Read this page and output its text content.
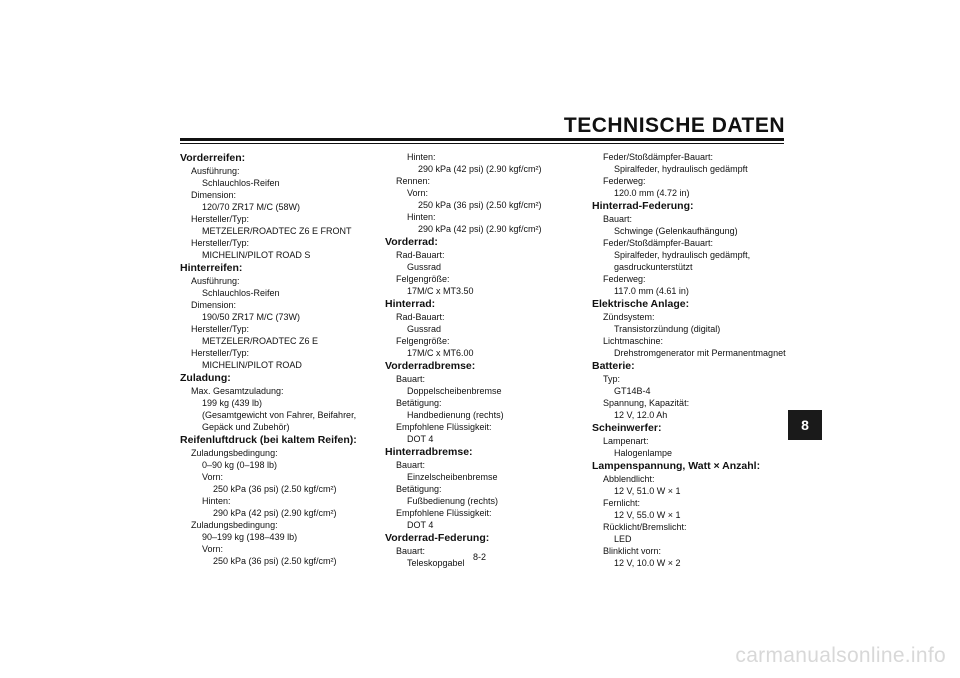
TECHNISCHE DATEN
Vorderreifen:
Ausführung:
Schlauchlos-Reifen
Dimension:
120/70 ZR17 M/C (58W)
Hersteller/Typ:
METZELER/ROADTEC Z6 E FRONT
Hersteller/Typ:
MICHELIN/PILOT ROAD S
Hinterreifen:
Ausführung:
Schlauchlos-Reifen
Dimension:
190/50 ZR17 M/C (73W)
Hersteller/Typ:
METZELER/ROADTEC Z6 E
Hersteller/Typ:
MICHELIN/PILOT ROAD
Zuladung:
Max. Gesamtzuladung:
199 kg (439 lb)
(Gesamtgewicht von Fahrer, Beifahrer,
Gepäck und Zubehör)
Reifenluftdruck (bei kaltem Reifen):
Zuladungsbedingung:
0–90 kg (0–198 lb)
Vorn:
250 kPa (36 psi) (2.50 kgf/cm²)
Hinten:
290 kPa (42 psi) (2.90 kgf/cm²)
Zuladungsbedingung:
90–199 kg (198–439 lb)
Vorn:
250 kPa (36 psi) (2.50 kgf/cm²)
Hinten:
290 kPa (42 psi) (2.90 kgf/cm²)
Rennen:
Vorn:
250 kPa (36 psi) (2.50 kgf/cm²)
Hinten:
290 kPa (42 psi) (2.90 kgf/cm²)
Vorderrad:
Rad-Bauart:
Gussrad
Felgengröße:
17M/C x MT3.50
Hinterrad:
Rad-Bauart:
Gussrad
Felgengröße:
17M/C x MT6.00
Vorderradbremse:
Bauart:
Doppelscheibenbremse
Betätigung:
Handbedienung (rechts)
Empfohlene Flüssigkeit:
DOT 4
Hinterradbremse:
Bauart:
Einzelscheibenbremse
Betätigung:
Fußbedienung (rechts)
Empfohlene Flüssigkeit:
DOT 4
Vorderrad-Federung:
Bauart:
Teleskopgabel
Feder/Stoßdämpfer-Bauart:
Spiralfeder, hydraulisch gedämpft
Federweg:
120.0 mm (4.72 in)
Hinterrad-Federung:
Bauart:
Schwinge (Gelenkaufhängung)
Feder/Stoßdämpfer-Bauart:
Spiralfeder, hydraulisch gedämpft,
gasdruckunterstützt
Federweg:
117.0 mm (4.61 in)
Elektrische Anlage:
Zündsystem:
Transistorzündung (digital)
Lichtmaschine:
Drehstromgenerator mit Permanentmagnet
Batterie:
Typ:
GT14B-4
Spannung, Kapazität:
12 V, 12.0 Ah
Scheinwerfer:
Lampenart:
Halogenlampe
Lampenspannung, Watt × Anzahl:
Abblendlicht:
12 V, 51.0 W × 1
Fernlicht:
12 V, 55.0 W × 1
Rücklicht/Bremslicht:
LED
Blinklicht vorn:
12 V, 10.0 W × 2
8-2
8
carmanualsonline.info
